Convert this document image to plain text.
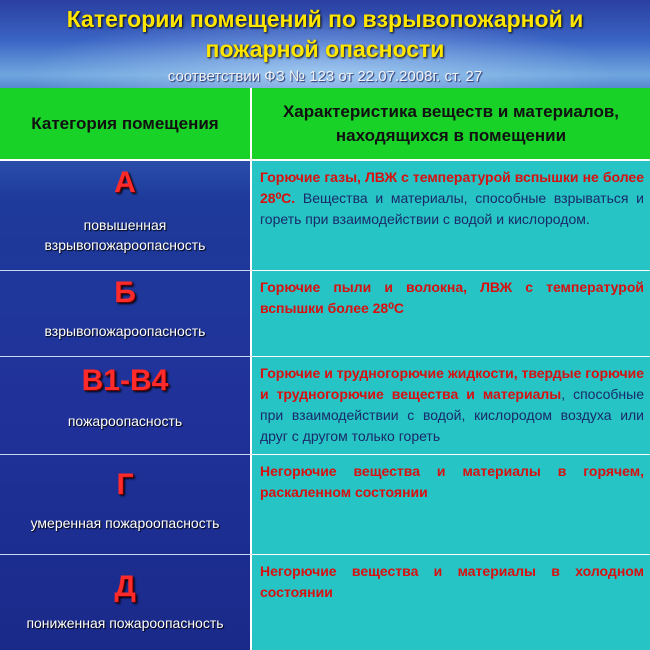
Категории помещений по взрывопожарной и
пожарной опасности
соответствии ФЗ № 123 от 22.07.2008г. ст. 27
Категория помещения
Характеристика веществ и материалов,
находящихся в помещении
А
повышенная
взрывопожароопасность
Горючие газы, ЛВЖ с температурой вспышки не более 28⁰С. Вещества и материалы, способные взрываться и гореть при взаимодействии с водой и кислородом.
Б
взрывопожароопасность
Горючие пыли и волокна, ЛВЖ с температурой вспышки более 28⁰С
В1-В4
пожароопасность
Горючие и трудногорючие жидкости, твердые горючие и трудногорючие вещества и материалы, способные при взаимодействии с водой, кислородом воздуха или друг с другом только гореть
Г
умеренная пожароопасность
Негорючие вещества и материалы в горячем, раскаленном состоянии
Д
пониженная пожароопасность
Негорючие вещества и материалы в холодном состоянии
